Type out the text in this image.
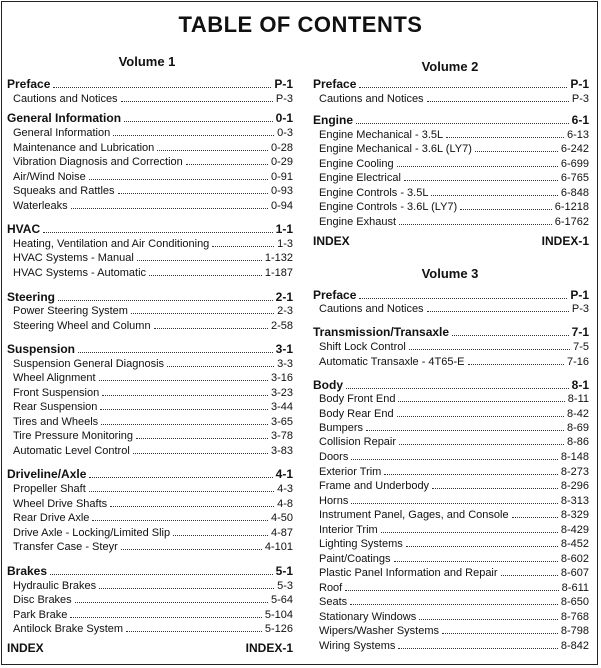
TABLE OF CONTENTS
Volume 1	Volume 2
Volume 3
Preface	P-1
Cautions and Notices	P-3
General Information	0-1
General Information	0-3
Maintenance and Lubrication	0-28
Vibration Diagnosis and Correction	0-29
Air/Wind Noise	0-91
Squeaks and Rattles	0-93
Waterleaks	0-94
HVAC	1-1
Heating, Ventilation and Air Conditioning	1-3
HVAC Systems - Manual	1-132
HVAC Systems - Automatic	1-187
Steering	2-1
Power Steering System	2-3
Steering Wheel and Column	2-58
Suspension	3-1
Suspension General Diagnosis	3-3
Wheel Alignment	3-16
Front Suspension	3-23
Rear Suspension	3-44
Tires and Wheels	3-65
Tire Pressure Monitoring	3-78
Automatic Level Control	3-83
Driveline/Axle	4-1
Propeller Shaft	4-3
Wheel Drive Shafts	4-8
Rear Drive Axle	4-50
Drive Axle - Locking/Limited Slip	4-87
Transfer Case - Steyr	4-101
Brakes	5-1
Hydraulic Brakes	5-3
Disc Brakes	5-64
Park Brake	5-104
Antilock Brake System	5-126
INDEX	INDEX-1
Preface	P-1
Cautions and Notices	P-3
Engine	6-1
Engine Mechanical - 3.5L	6-13
Engine Mechanical - 3.6L (LY7)	6-242
Engine Cooling	6-699
Engine Electrical	6-765
Engine Controls - 3.5L	6-848
Engine Controls - 3.6L (LY7)	6-1218
Engine Exhaust	6-1762
INDEX	INDEX-1
Preface	P-1
Cautions and Notices	P-3
Transmission/Transaxle	7-1
Shift Lock Control	7-5
Automatic Transaxle - 4T65-E	7-16
Body	8-1
Body Front End	8-11
Body Rear End	8-42
Bumpers	8-69
Collision Repair	8-86
Doors	8-148
Exterior Trim	8-273
Frame and Underbody	8-296
Horns	8-313
Instrument Panel, Gages, and Console	8-329
Interior Trim	8-429
Lighting Systems	8-452
Paint/Coatings	8-602
Plastic Panel Information and Repair	8-607
Roof	8-611
Seats	8-650
Stationary Windows	8-768
Wipers/Washer Systems	8-798
Wiring Systems	8-842
